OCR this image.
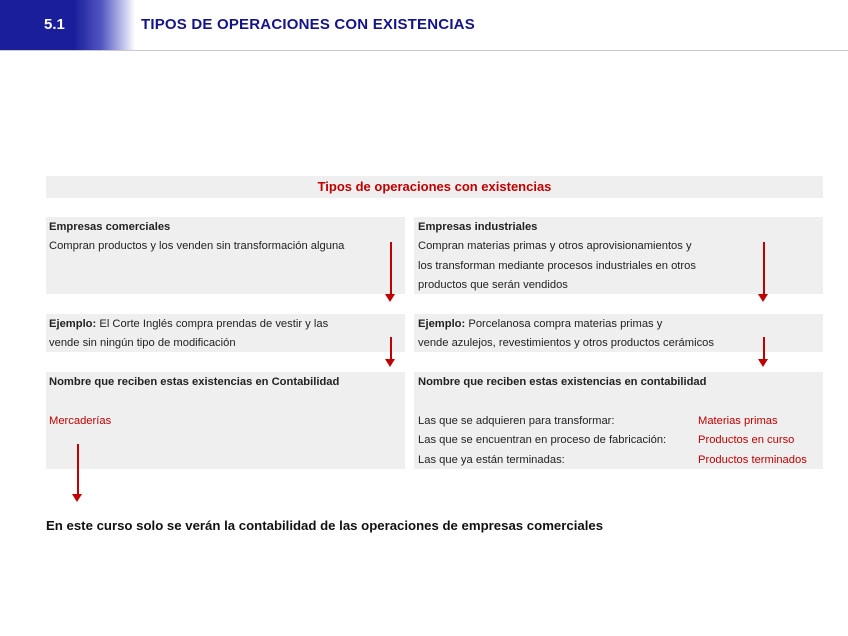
5.1	TIPOS DE OPERACIONES CON EXISTENCIAS
Tipos de operaciones con existencias
Empresas comerciales
Compran productos y los venden sin transformación alguna
Ejemplo: El Corte Inglés compra prendas de vestir y las
vende sin ningún tipo de modificación
Nombre que reciben estas existencias en Contabilidad
Mercaderías
Empresas industriales
Compran materias primas y otros aprovisionamientos y
los transforman mediante procesos industriales en otros
productos que serán vendidos
Ejemplo: Porcelanosa compra materias primas y
vende azulejos, revestimientos y otros productos cerámicos
Nombre que reciben estas existencias en contabilidad
Las que se adquieren para transformar:	Materias primas
Las que se encuentran en proceso de fabricación:	Productos en curso
Las que ya están terminadas:	Productos terminados
En este curso solo se verán la contabilidad de las operaciones de empresas comerciales
